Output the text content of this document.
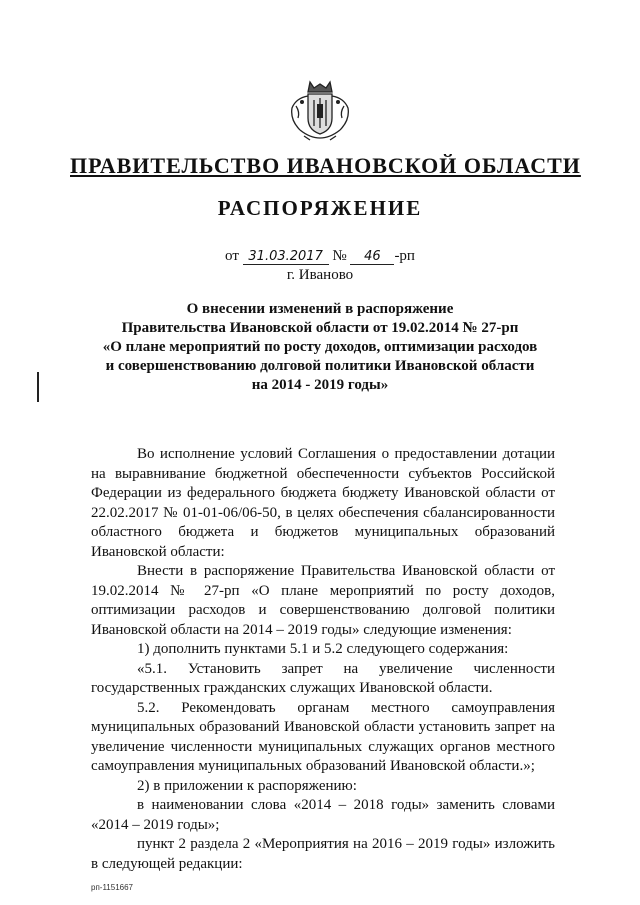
ПРАВИТЕЛЬСТВО ИВАНОВСКОЙ ОБЛАСТИ
РАСПОРЯЖЕНИЕ
от 31.03.2017 № 46 -рп
г. Иваново
О внесении изменений в распоряжение
Правительства Ивановской области от 19.02.2014 № 27-рп
«О плане мероприятий по росту доходов, оптимизации расходов
и совершенствованию долговой политики Ивановской области
на 2014 - 2019 годы»

Во исполнение условий Соглашения о предоставлении дотации на выравнивание бюджетной обеспеченности субъектов Российской Федерации из федерального бюджета бюджету Ивановской области от 22.02.2017 № 01-01-06/06-50, в целях обеспечения сбалансированности областного бюджета и бюджетов муниципальных образований Ивановской области:

Внести в распоряжение Правительства Ивановской области от 19.02.2014 № 27-рп «О плане мероприятий по росту доходов, оптимизации расходов и совершенствованию долговой политики Ивановской области на 2014 – 2019 годы» следующие изменения:

1) дополнить пунктами 5.1 и 5.2 следующего содержания:

«5.1. Установить запрет на увеличение численности государственных гражданских служащих Ивановской области.

5.2. Рекомендовать органам местного самоуправления муниципальных образований Ивановской области установить запрет на увеличение численности муниципальных служащих органов местного самоуправления муниципальных образований Ивановской области.»;

2) в приложении к распоряжению:

в наименовании слова «2014 – 2018 годы» заменить словами «2014 – 2019 годы»;

пункт 2 раздела 2 «Мероприятия на 2016 – 2019 годы» изложить в следующей редакции:

рп-1151667
